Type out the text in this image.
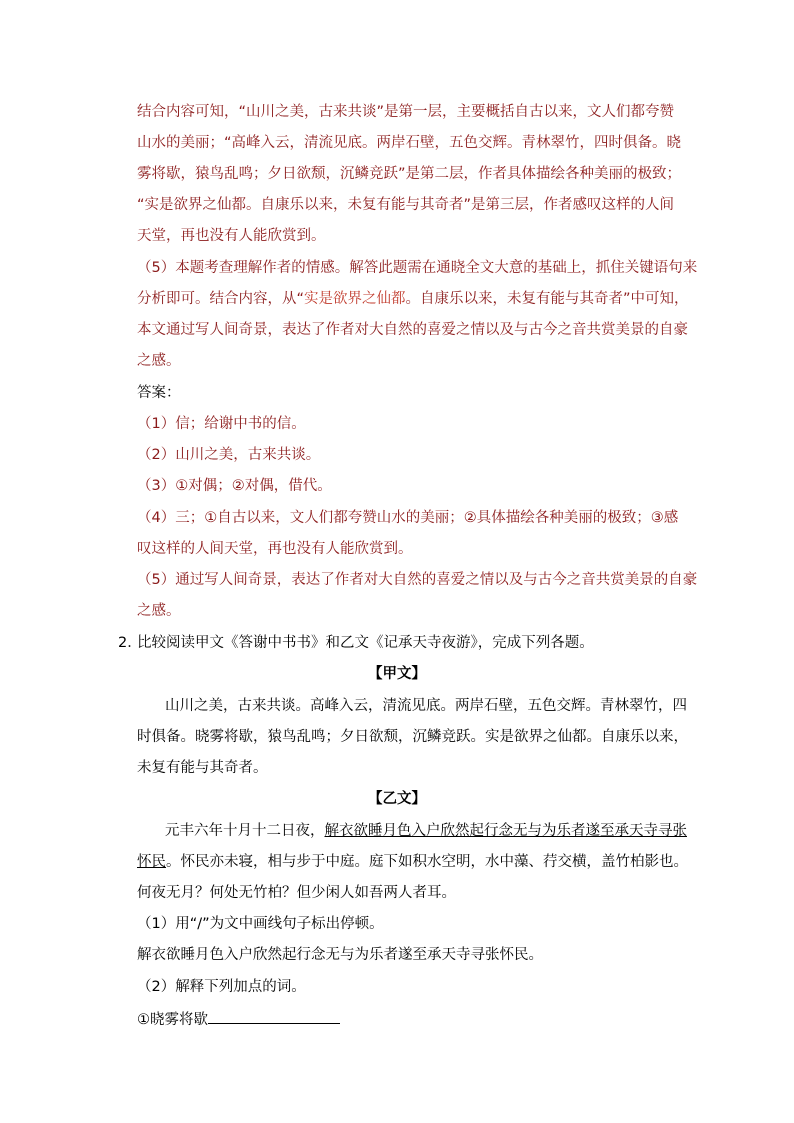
结合内容可知，“山川之美，古来共谈”是第一层，主要概括自古以来，文人们都夸赞
山水的美丽；“高峰入云，清流见底。两岸石壁，五色交辉。青林翠竹，四时俱备。晓
雾将歇，猿鸟乱鸣；夕日欲颓，沉鳞竞跃”是第二层，作者具体描绘各种美丽的极致；
“实是欲界之仙都。自康乐以来，未复有能与其奇者”是第三层，作者感叹这样的人间
天堂，再也没有人能欣赏到。
（5）本题考查理解作者的情感。解答此题需在通晓全文大意的基础上，抓住关键语句来
分析即可。结合内容，从“实是欲界之仙都。自康乐以来，未复有能与其奇者”中可知，
本文通过写人间奇景，表达了作者对大自然的喜爱之情以及与古今之音共赏美景的自豪
之感。
答案：
（1）信；给谢中书的信。
（2）山川之美，古来共谈。
（3）①对偶；②对偶，借代。
（4）三；①自古以来，文人们都夸赞山水的美丽；②具体描绘各种美丽的极致；③感
叹这样的人间天堂，再也没有人能欣赏到。
（5）通过写人间奇景，表达了作者对大自然的喜爱之情以及与古今之音共赏美景的自豪
之感。
2．
比较阅读甲文《答谢中书书》和乙文《记承天寺夜游》，完成下列各题。
【甲文】
山川之美，古来共谈。高峰入云，清流见底。两岸石壁，五色交辉。青林翠竹，四
时俱备。晓雾将歇，猿鸟乱鸣；夕日欲颓，沉鳞竞跃。实是欲界之仙都。自康乐以来，
未复有能与其奇者。
【乙文】
元丰六年十月十二日夜，解衣欲睡月色入户欣然起行念无与为乐者遂至承天寺寻张
怀民。怀民亦未寝，相与步于中庭。庭下如积水空明，水中藻、荇交横，盖竹柏影也。
何夜无月？何处无竹柏？但少闲人如吾两人者耳。
（1）用“/”为文中画线句子标出停顿。
解衣欲睡月色入户欣然起行念无与为乐者遂至承天寺寻张怀民。
（2）解释下列加点的词。
①晓雾将歇
